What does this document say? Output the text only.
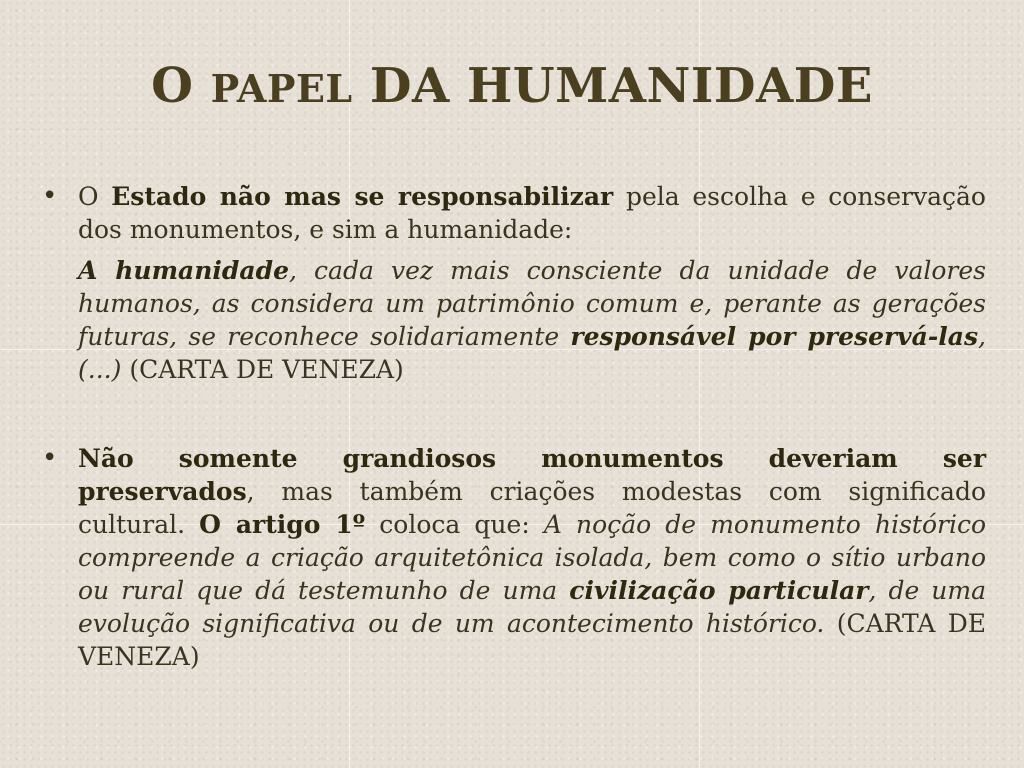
O PAPEL DA HUMANIDADE
• O Estado não mas se responsabilizar pela escolha e conservação dos monumentos, e sim a humanidade:

A humanidade, cada vez mais consciente da unidade de valores humanos, as considera um patrimônio comum e, perante as gerações futuras, se reconhece solidariamente responsável por preservá-las,(...) (CARTA DE VENEZA)

• Não somente grandiosos monumentos deveriam ser preservados, mas também criações modestas com significado cultural. O artigo 1º coloca que: A noção de monumento histórico compreende a criação arquitetônica isolada, bem como o sítio urbano ou rural que dá testemunho de uma civilização particular, de uma evolução significativa ou de um acontecimento histórico. (CARTA DE VENEZA)
